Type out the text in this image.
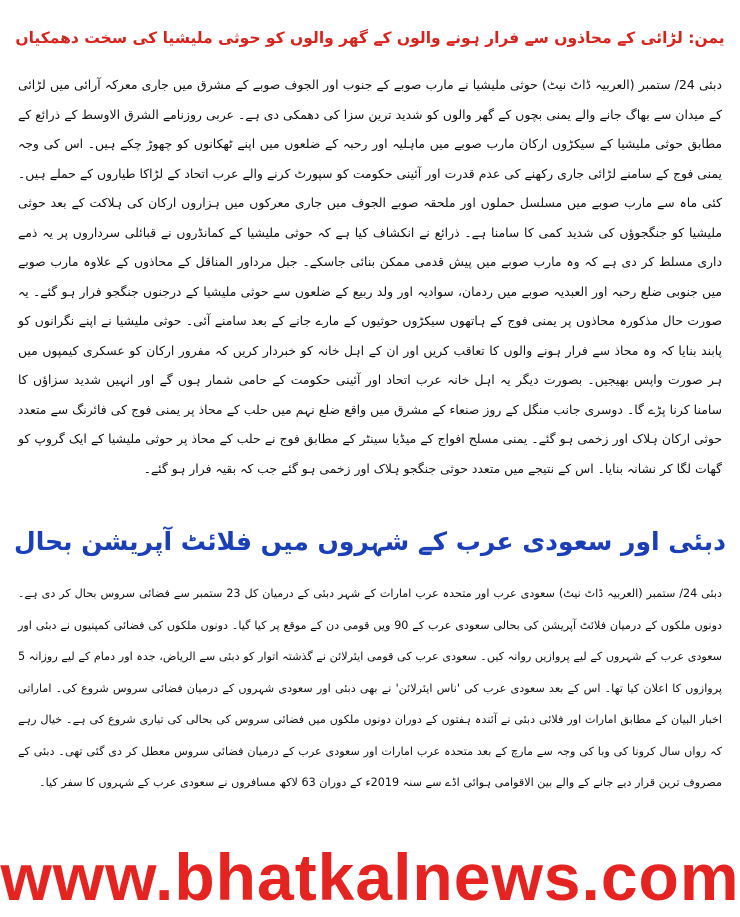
یمن: لڑائی کے محاذوں سے فرار ہونے والوں کے گھر والوں کو حوثی ملیشیا کی سخت دھمکیاں

دبئی 24/ ستمبر (العربیہ ڈاٹ نیٹ) حوثی ملیشیا نے مارب صوبے کے جنوب اور الجوف صوبے کے مشرق میں جاری معرکہ آرائی میں لڑائی کے میدان سے بھاگ جانے والے یمنی بچوں کے گھر والوں کو شدید ترین سزا کی دھمکی دی ہے۔ عربی روزنامے الشرق الاوسط کے ذرائع کے مطابق حوثی ملیشیا کے سیکڑوں ارکان مارب صوبے میں ماہلیہ اور رحبہ کے ضلعوں میں اپنے ٹھکانوں کو چھوڑ چکے ہیں۔ اس کی وجہ یمنی فوج کے سامنے لڑائی جاری رکھنے کی عدم قدرت اور آئینی حکومت کو سپورٹ کرنے والے عرب اتحاد کے لڑاکا طیاروں کے حملے ہیں۔ کئی ماہ سے مارب صوبے میں مسلسل حملوں اور ملحقہ صوبے الجوف میں جاری معرکوں میں ہزاروں ارکان کی ہلاکت کے بعد حوثی ملیشیا کو جنگجوؤں کی شدید کمی کا سامنا ہے۔ ذرائع نے انکشاف کیا ہے کہ حوثی ملیشیا کے کمانڈروں نے قبائلی سرداروں پر یہ ذمے داری مسلط کر دی ہے کہ وہ مارب صوبے میں پیش قدمی ممکن بنائی جاسکے۔ جبل مرداور المناقل کے محاذوں کے علاوہ مارب صوبے میں جنوبی ضلع رحبہ اور العبدیہ صوبے میں ردمان، سوادیہ اور ولد ربیع کے ضلعوں سے حوثی ملیشیا کے درجنوں جنگجو فرار ہو گئے۔ یہ صورت حال مذکورہ محاذوں پر یمنی فوج کے ہاتھوں سیکڑوں حوثیوں کے مارے جانے کے بعد سامنے آئی۔ حوثی ملیشیا نے اپنے نگرانوں کو پابند بنایا کہ وہ محاذ سے فرار ہونے والوں کا تعاقب کریں اور ان کے اہل خانہ کو خبردار کریں کہ مفرور ارکان کو عسکری کیمپوں میں ہر صورت واپس بھیجیں۔ بصورت دیگر یہ اہل خانہ عرب اتحاد اور آئینی حکومت کے حامی شمار ہوں گے اور انہیں شدید سزاؤں کا سامنا کرنا پڑے گا۔ دوسری جانب منگل کے روز صنعاء کے مشرق میں واقع ضلع نہم میں حلب کے محاذ پر یمنی فوج کی فائرنگ سے متعدد حوثی ارکان ہلاک اور زخمی ہو گئے۔ یمنی مسلح افواج کے میڈیا سینٹر کے مطابق فوج نے حلب کے محاذ پر حوثی ملیشیا کے ایک گروپ کو گھات لگا کر نشانہ بنایا۔ اس کے نتیجے میں متعدد حوثی جنگجو ہلاک اور زخمی ہو گئے جب کہ بقیہ فرار ہو گئے۔

دبئی اور سعودی عرب کے شہروں میں فلائٹ آپریشن بحال

دبئی 24/ ستمبر (العربیہ ڈاٹ نیٹ) سعودی عرب اور متحدہ عرب امارات کے شہر دبئی کے درمیان کل 23 ستمبر سے فضائی سروس بحال کر دی ہے۔ دونوں ملکوں کے درمیان فلائٹ آپریشن کی بحالی سعودی عرب کے 90 ویں قومی دن کے موقع پر کیا گیا۔ دونوں ملکوں کی فضائی کمپنیوں نے دبئی اور سعودی عرب کے شہروں کے لیے پروازیں روانہ کیں۔ سعودی عرب کی قومی ایئرلائن نے گذشتہ اتوار کو دبئی سے الریاض، جدہ اور دمام کے لیے روزانہ 5 پروازوں کا اعلان کیا تھا۔ اس کے بعد سعودی عرب کی 'ناس ایئرلائن' نے بھی دبئی اور سعودی شہروں کے درمیان فضائی سروس شروع کی۔ اماراتی اخبار البیان کے مطابق امارات اور فلائی دبئی نے آئندہ ہفتوں کے دوران دونوں ملکوں میں فضائی سروس کی بحالی کی تیاری شروع کی ہے۔ خیال رہے کہ رواں سال کرونا کی وبا کی وجہ سے مارچ کے بعد متحدہ عرب امارات اور سعودی عرب کے درمیان فضائی سروس معطل کر دی گئی تھی۔ دبئی کے مصروف ترین قرار دیے جانے کے والے بین الاقوامی ہوائی اڈے سے سنہ 2019ء کے دوران 63 لاکھ مسافروں نے سعودی عرب کے شہروں کا سفر کیا۔

www.bhatkalnews.com
